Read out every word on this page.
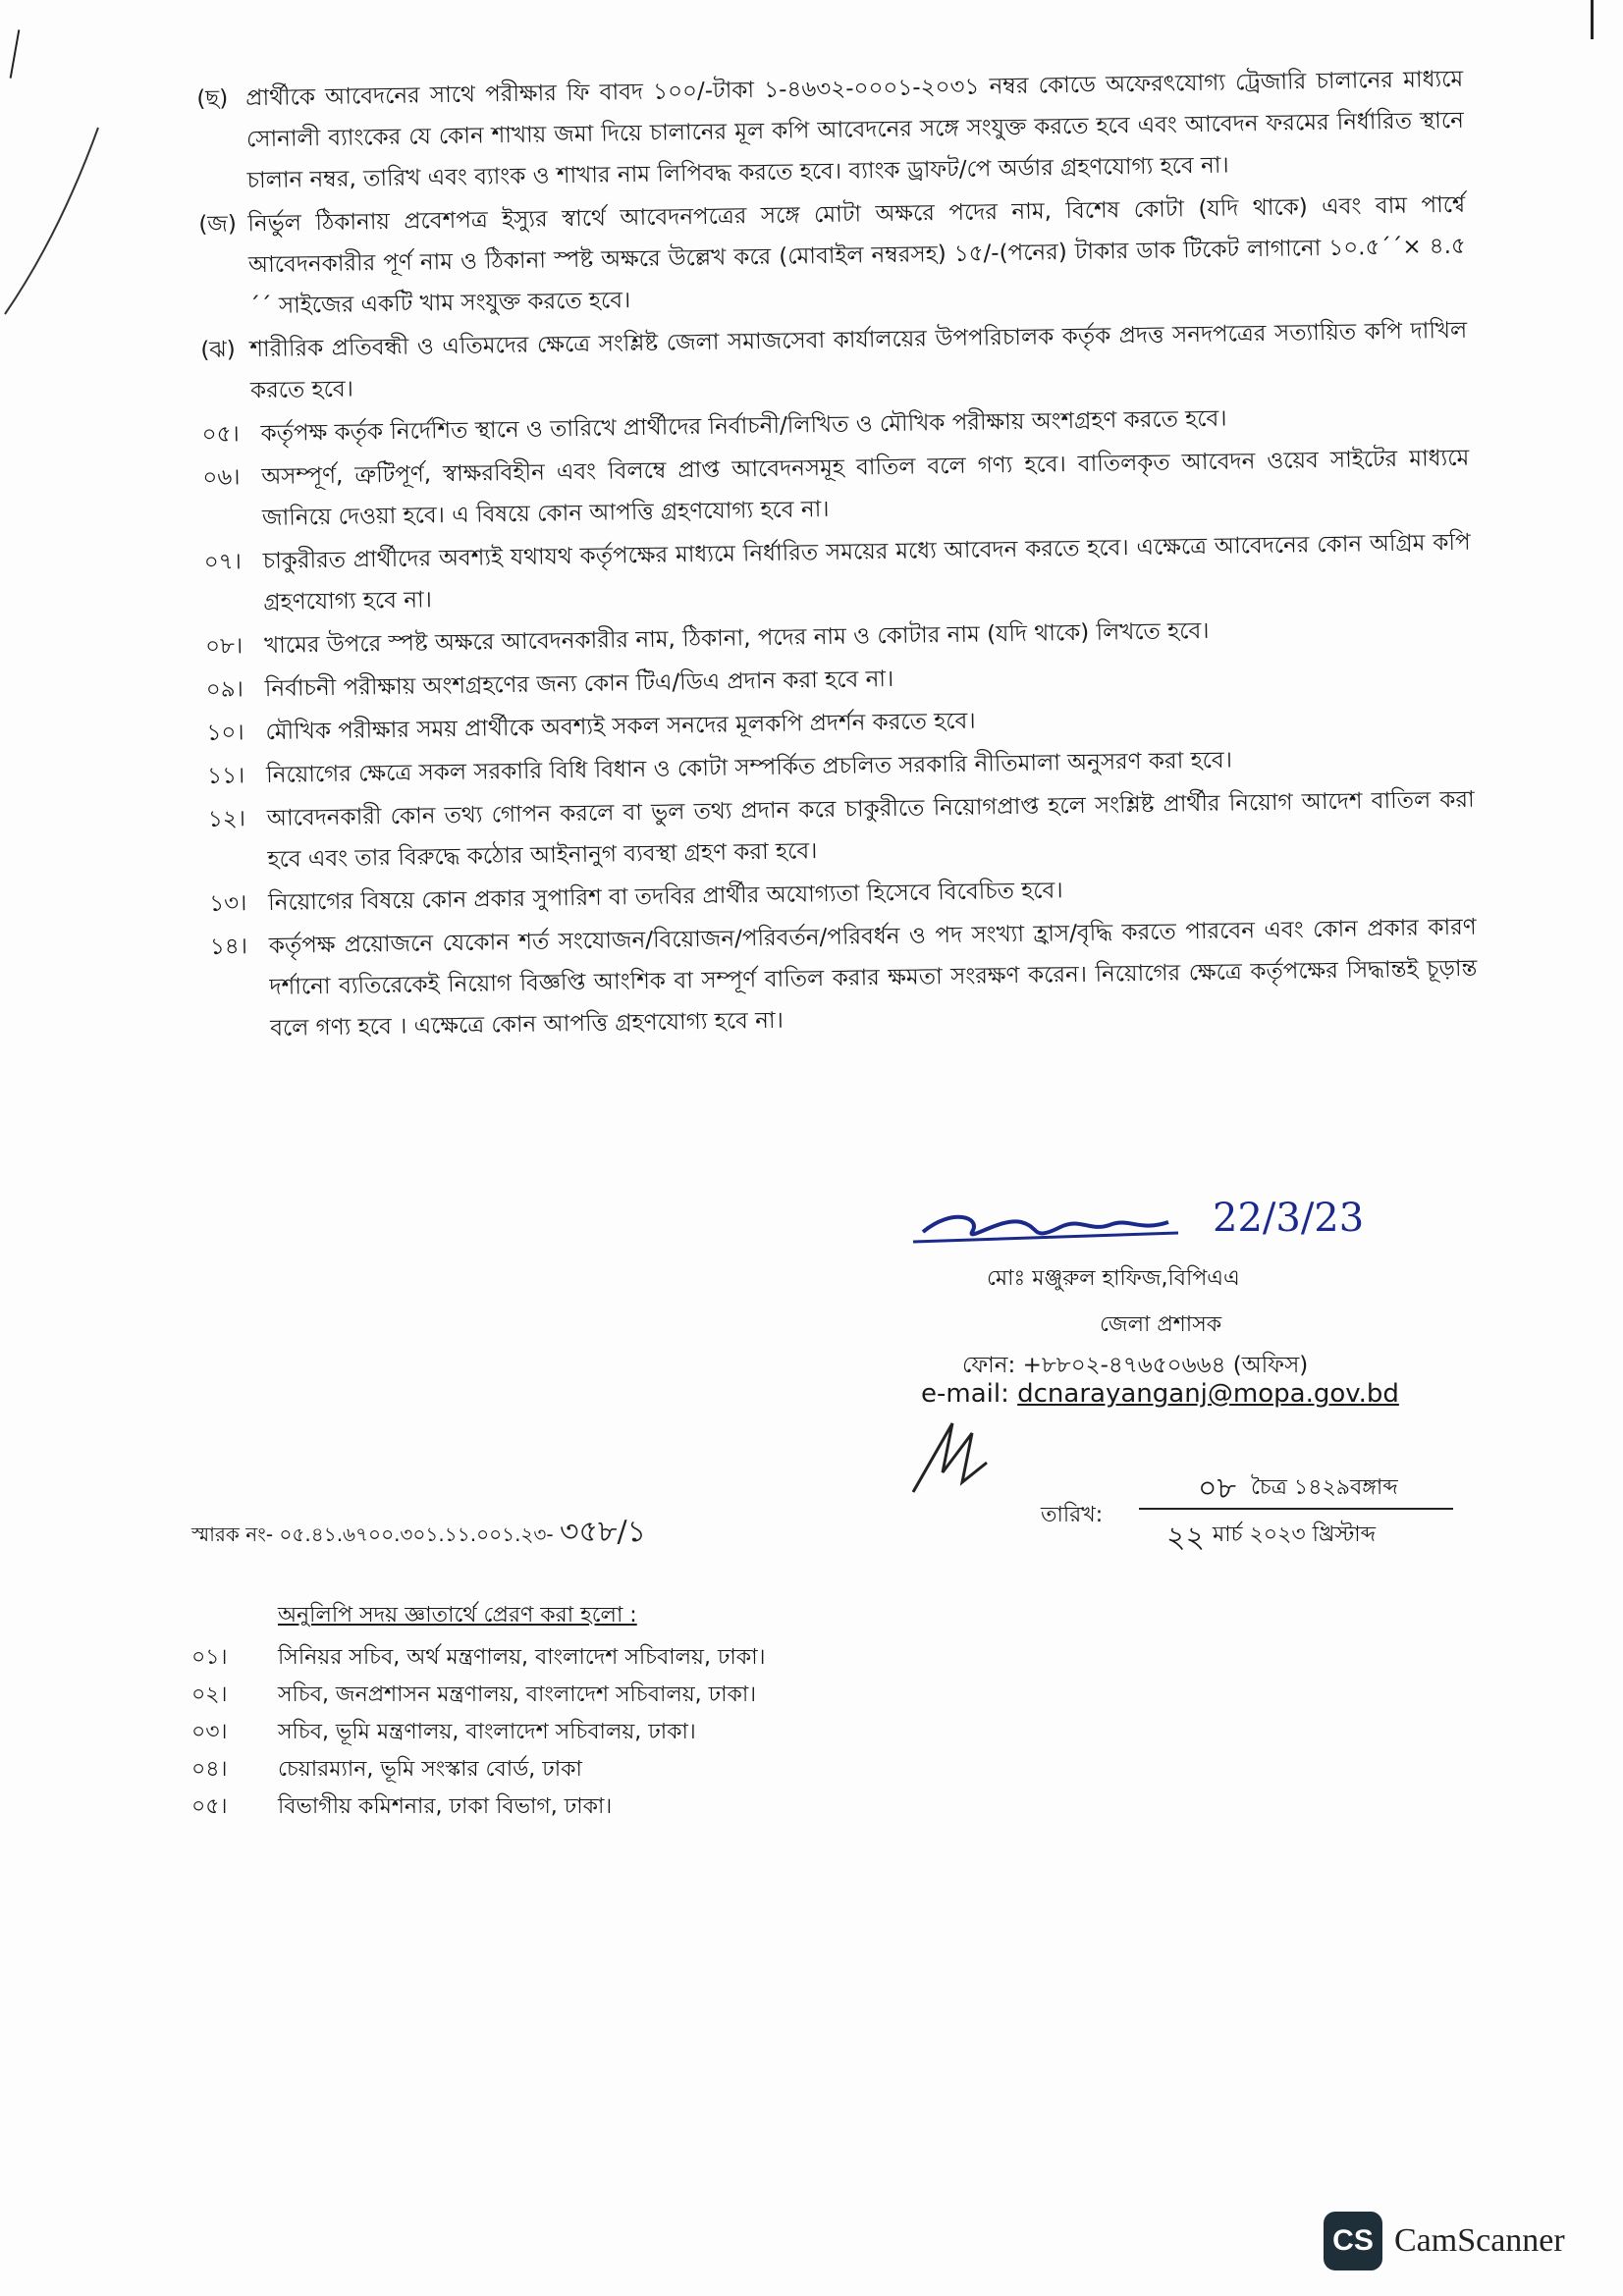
(ছ) প্রার্থীকে আবেদনের সাথে পরীক্ষার ফি বাবদ ১০০/-টাকা ১-৪৬৩২-০০০১-২০৩১ নম্বর কোডে অফেরৎযোগ্য ট্রেজারি চালানের মাধ্যমে সোনালী ব্যাংকের যে কোন শাখায় জমা দিয়ে চালানের মূল কপি আবেদনের সঙ্গে সংযুক্ত করতে হবে এবং আবেদন ফরমের নির্ধারিত স্থানে চালান নম্বর, তারিখ এবং ব্যাংক ও শাখার নাম লিপিবদ্ধ করতে হবে। ব্যাংক ড্রাফট/পে অর্ডার গ্রহণযোগ্য হবে না।
(জ) নির্ভুল ঠিকানায় প্রবেশপত্র ইস্যুর স্বার্থে আবেদনপত্রের সঙ্গে মোটা অক্ষরে পদের নাম, বিশেষ কোটা (যদি থাকে) এবং বাম পার্শ্বে আবেদনকারীর পূর্ণ নাম ও ঠিকানা স্পষ্ট অক্ষরে উল্লেখ করে (মোবাইল নম্বরসহ) ১৫/-(পনের) টাকার ডাক টিকেট লাগানো ১০.৫´´× ৪.৫´´ সাইজের একটি খাম সংযুক্ত করতে হবে।
(ঝ) শারীরিক প্রতিবন্ধী ও এতিমদের ক্ষেত্রে সংশ্লিষ্ট জেলা সমাজসেবা কার্যালয়ের উপপরিচালক কর্তৃক প্রদত্ত সনদপত্রের সত্যায়িত কপি দাখিল করতে হবে।
০৫। কর্তৃপক্ষ কর্তৃক নির্দেশিত স্থানে ও তারিখে প্রার্থীদের নির্বাচনী/লিখিত ও মৌখিক পরীক্ষায় অংশগ্রহণ করতে হবে।
০৬। অসম্পূর্ণ, ত্রুটিপূর্ণ, স্বাক্ষরবিহীন এবং বিলম্বে প্রাপ্ত আবেদনসমূহ বাতিল বলে গণ্য হবে। বাতিলকৃত আবেদন ওয়েব সাইটের মাধ্যমে জানিয়ে দেওয়া হবে। এ বিষয়ে কোন আপত্তি গ্রহণযোগ্য হবে না।
০৭। চাকুরীরত প্রার্থীদের অবশ্যই যথাযথ কর্তৃপক্ষের মাধ্যমে নির্ধারিত সময়ের মধ্যে আবেদন করতে হবে। এক্ষেত্রে আবেদনের কোন অগ্রিম কপি গ্রহণযোগ্য হবে না।
০৮। খামের উপরে স্পষ্ট অক্ষরে আবেদনকারীর নাম, ঠিকানা, পদের নাম ও কোটার নাম (যদি থাকে) লিখতে হবে।
০৯। নির্বাচনী পরীক্ষায় অংশগ্রহণের জন্য কোন টিএ/ডিএ প্রদান করা হবে না।
১০। মৌখিক পরীক্ষার সময় প্রার্থীকে অবশ্যই সকল সনদের মূলকপি প্রদর্শন করতে হবে।
১১। নিয়োগের ক্ষেত্রে সকল সরকারি বিধি বিধান ও কোটা সম্পর্কিত প্রচলিত সরকারি নীতিমালা অনুসরণ করা হবে।
১২। আবেদনকারী কোন তথ্য গোপন করলে বা ভুল তথ্য প্রদান করে চাকুরীতে নিয়োগপ্রাপ্ত হলে সংশ্লিষ্ট প্রার্থীর নিয়োগ আদেশ বাতিল করা হবে এবং তার বিরুদ্ধে কঠোর আইনানুগ ব্যবস্থা গ্রহণ করা হবে।
১৩। নিয়োগের বিষয়ে কোন প্রকার সুপারিশ বা তদবির প্রার্থীর অযোগ্যতা হিসেবে বিবেচিত হবে।
১৪। কর্তৃপক্ষ প্রয়োজনে যেকোন শর্ত সংযোজন/বিয়োজন/পরিবর্তন/পরিবর্ধন ও পদ সংখ্যা হ্রাস/বৃদ্ধি করতে পারবেন এবং কোন প্রকার কারণ দর্শানো ব্যতিরেকেই নিয়োগ বিজ্ঞপ্তি আংশিক বা সম্পূর্ণ বাতিল করার ক্ষমতা সংরক্ষণ করেন। নিয়োগের ক্ষেত্রে কর্তৃপক্ষের সিদ্ধান্তই চূড়ান্ত বলে গণ্য হবে । এক্ষেত্রে কোন আপত্তি গ্রহণযোগ্য হবে না।
22/3/23
মোঃ মঞ্জুরুল হাফিজ,বিপিএএ
জেলা প্রশাসক
ফোন: +৮৮০২-৪৭৬৫০৬৬৪ (অফিস)
e-mail: dcnarayanganj@mopa.gov.bd
স্মারক নং- ০৫.৪১.৬৭০০.৩০১.১১.০০১.২৩- ৩৫৮/১	তারিখ:
০৮ চৈত্র ১৪২৯বঙ্গাব্দ
২২ মার্চ ২০২৩ খ্রিস্টাব্দ
অনুলিপি সদয় জ্ঞাতার্থে প্রেরণ করা হলো :
০১।	সিনিয়র সচিব, অর্থ মন্ত্রণালয়, বাংলাদেশ সচিবালয়, ঢাকা।
০২।	সচিব, জনপ্রশাসন মন্ত্রণালয়, বাংলাদেশ সচিবালয়, ঢাকা।
০৩।	সচিব, ভূমি মন্ত্রণালয়, বাংলাদেশ সচিবালয়, ঢাকা।
০৪।	চেয়ারম্যান, ভূমি সংস্কার বোর্ড, ঢাকা
০৫।	বিভাগীয় কমিশনার, ঢাকা বিভাগ, ঢাকা।
CS CamScanner
